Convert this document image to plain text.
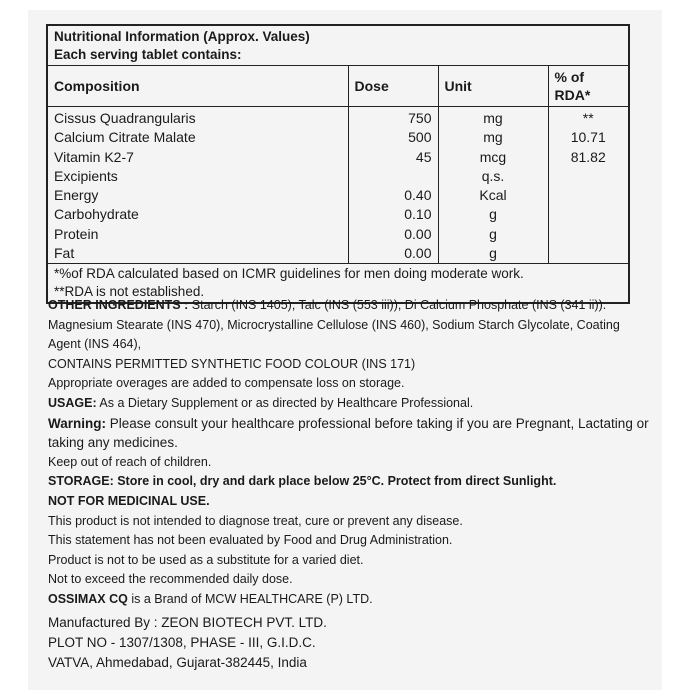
Nutritional Information (Approx. Values)
Each serving tablet contains:
Composition	Dose	Unit	% of RDA*
Cissus Quadrangularis	750	mg	**
Calcium Citrate Malate	500	mg	10.71
Vitamin K2-7	45	mcg	81.82
Excipients		q.s.	
Energy	0.40	Kcal	
Carbohydrate	0.10	g	
Protein	0.00	g	
Fat	0.00	g	
*%of RDA calculated based on ICMR guidelines for men doing moderate work.
**RDA is not established.

OTHER INGREDIENTS : Starch (INS 1405), Talc (INS (553 iii)), Di Calcium Phosphate (INS (341 ii)).

Magnesium Stearate (INS 470), Microcrystalline Cellulose (INS 460), Sodium Starch Glycolate, Coating

Agent (INS 464),

CONTAINS PERMITTED SYNTHETIC FOOD COLOUR (INS 171)

Appropriate overages are added to compensate loss on storage.

USAGE: As a Dietary Supplement or as directed by Healthcare Professional.

Warning: Please consult your healthcare professional before taking if you are Pregnant, Lactating or

taking any medicines.

Keep out of reach of children.

STORAGE: Store in cool, dry and dark place below 25°C. Protect from direct Sunlight.

NOT FOR MEDICINAL USE.

This product is not intended to diagnose treat, cure or prevent any disease.

This statement has not been evaluated by Food and Drug Administration.

Product is not to be used as a substitute for a varied diet.

Not to exceed the recommended daily dose.

OSSIMAX CQ is a Brand of MCW HEALTHCARE (P) LTD.

Manufactured By : ZEON BIOTECH PVT. LTD.

PLOT NO - 1307/1308, PHASE - III, G.I.D.C.

VATVA, Ahmedabad, Gujarat-382445, India
